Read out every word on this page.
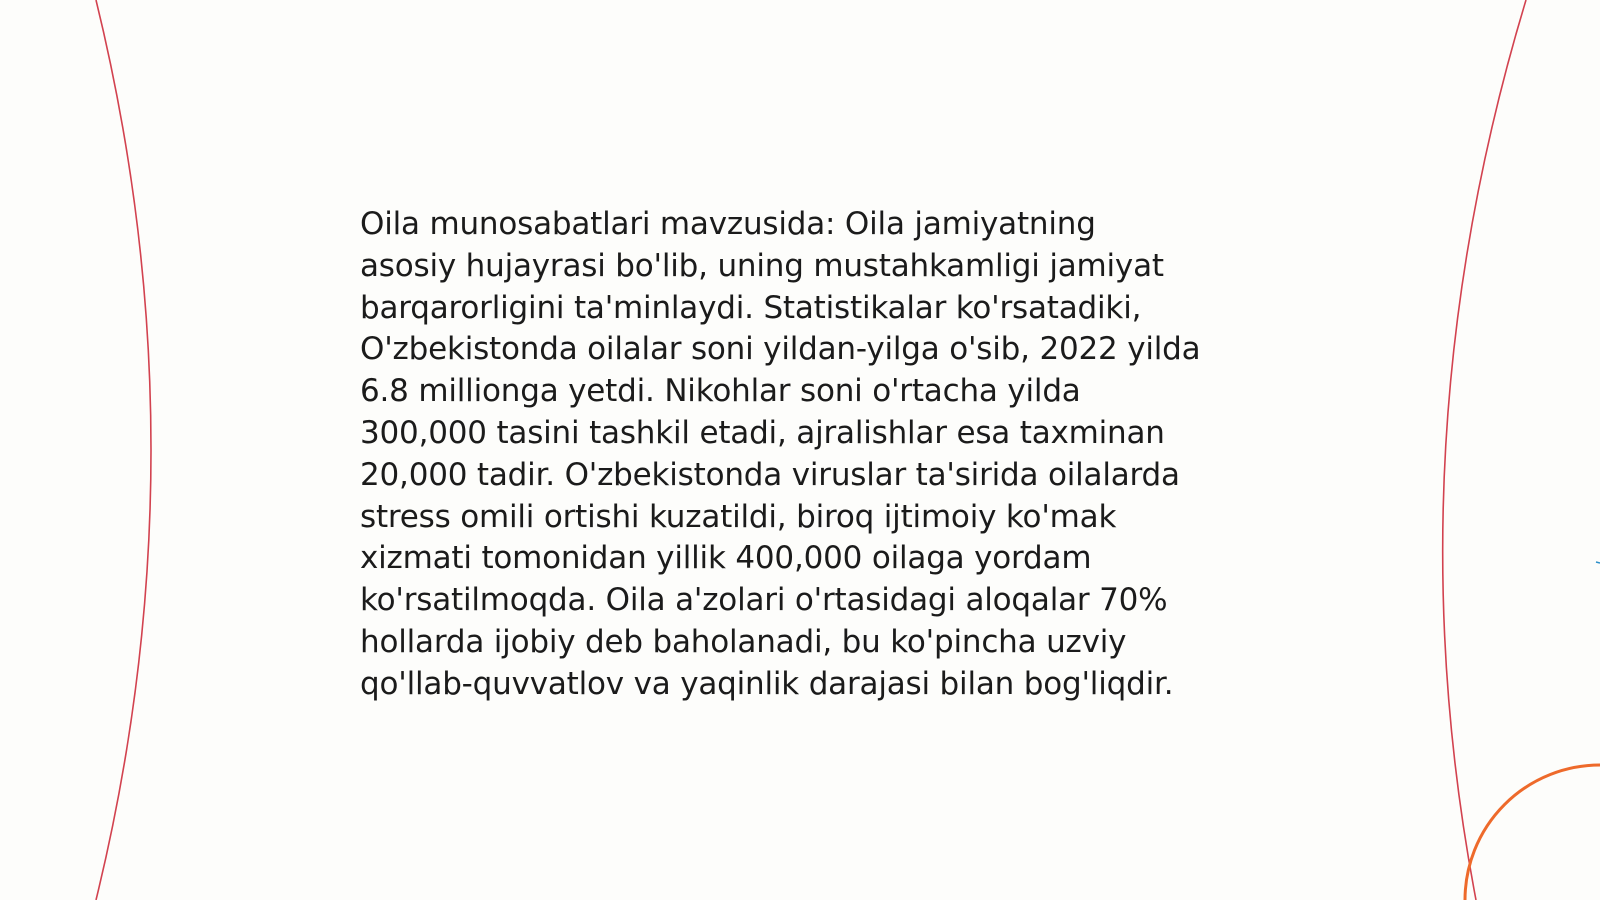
Oila munosabatlari mavzusida: Oila jamiyatning
asosiy hujayrasi bo'lib, uning mustahkamligi jamiyat
barqarorligini ta'minlaydi. Statistikalar ko'rsatadiki,
O'zbekistonda oilalar soni yildan-yilga o'sib, 2022 yilda
6.8 millionga yetdi. Nikohlar soni o'rtacha yilda
300,000 tasini tashkil etadi, ajralishlar esa taxminan
20,000 tadir. O'zbekistonda viruslar ta'sirida oilalarda
stress omili ortishi kuzatildi, biroq ijtimoiy ko'mak
xizmati tomonidan yillik 400,000 oilaga yordam
ko'rsatilmoqda. Oila a'zolari o'rtasidagi aloqalar 70%
hollarda ijobiy deb baholanadi, bu ko'pincha uzviy
qo'llab-quvvatlov va yaqinlik darajasi bilan bog'liqdir.
